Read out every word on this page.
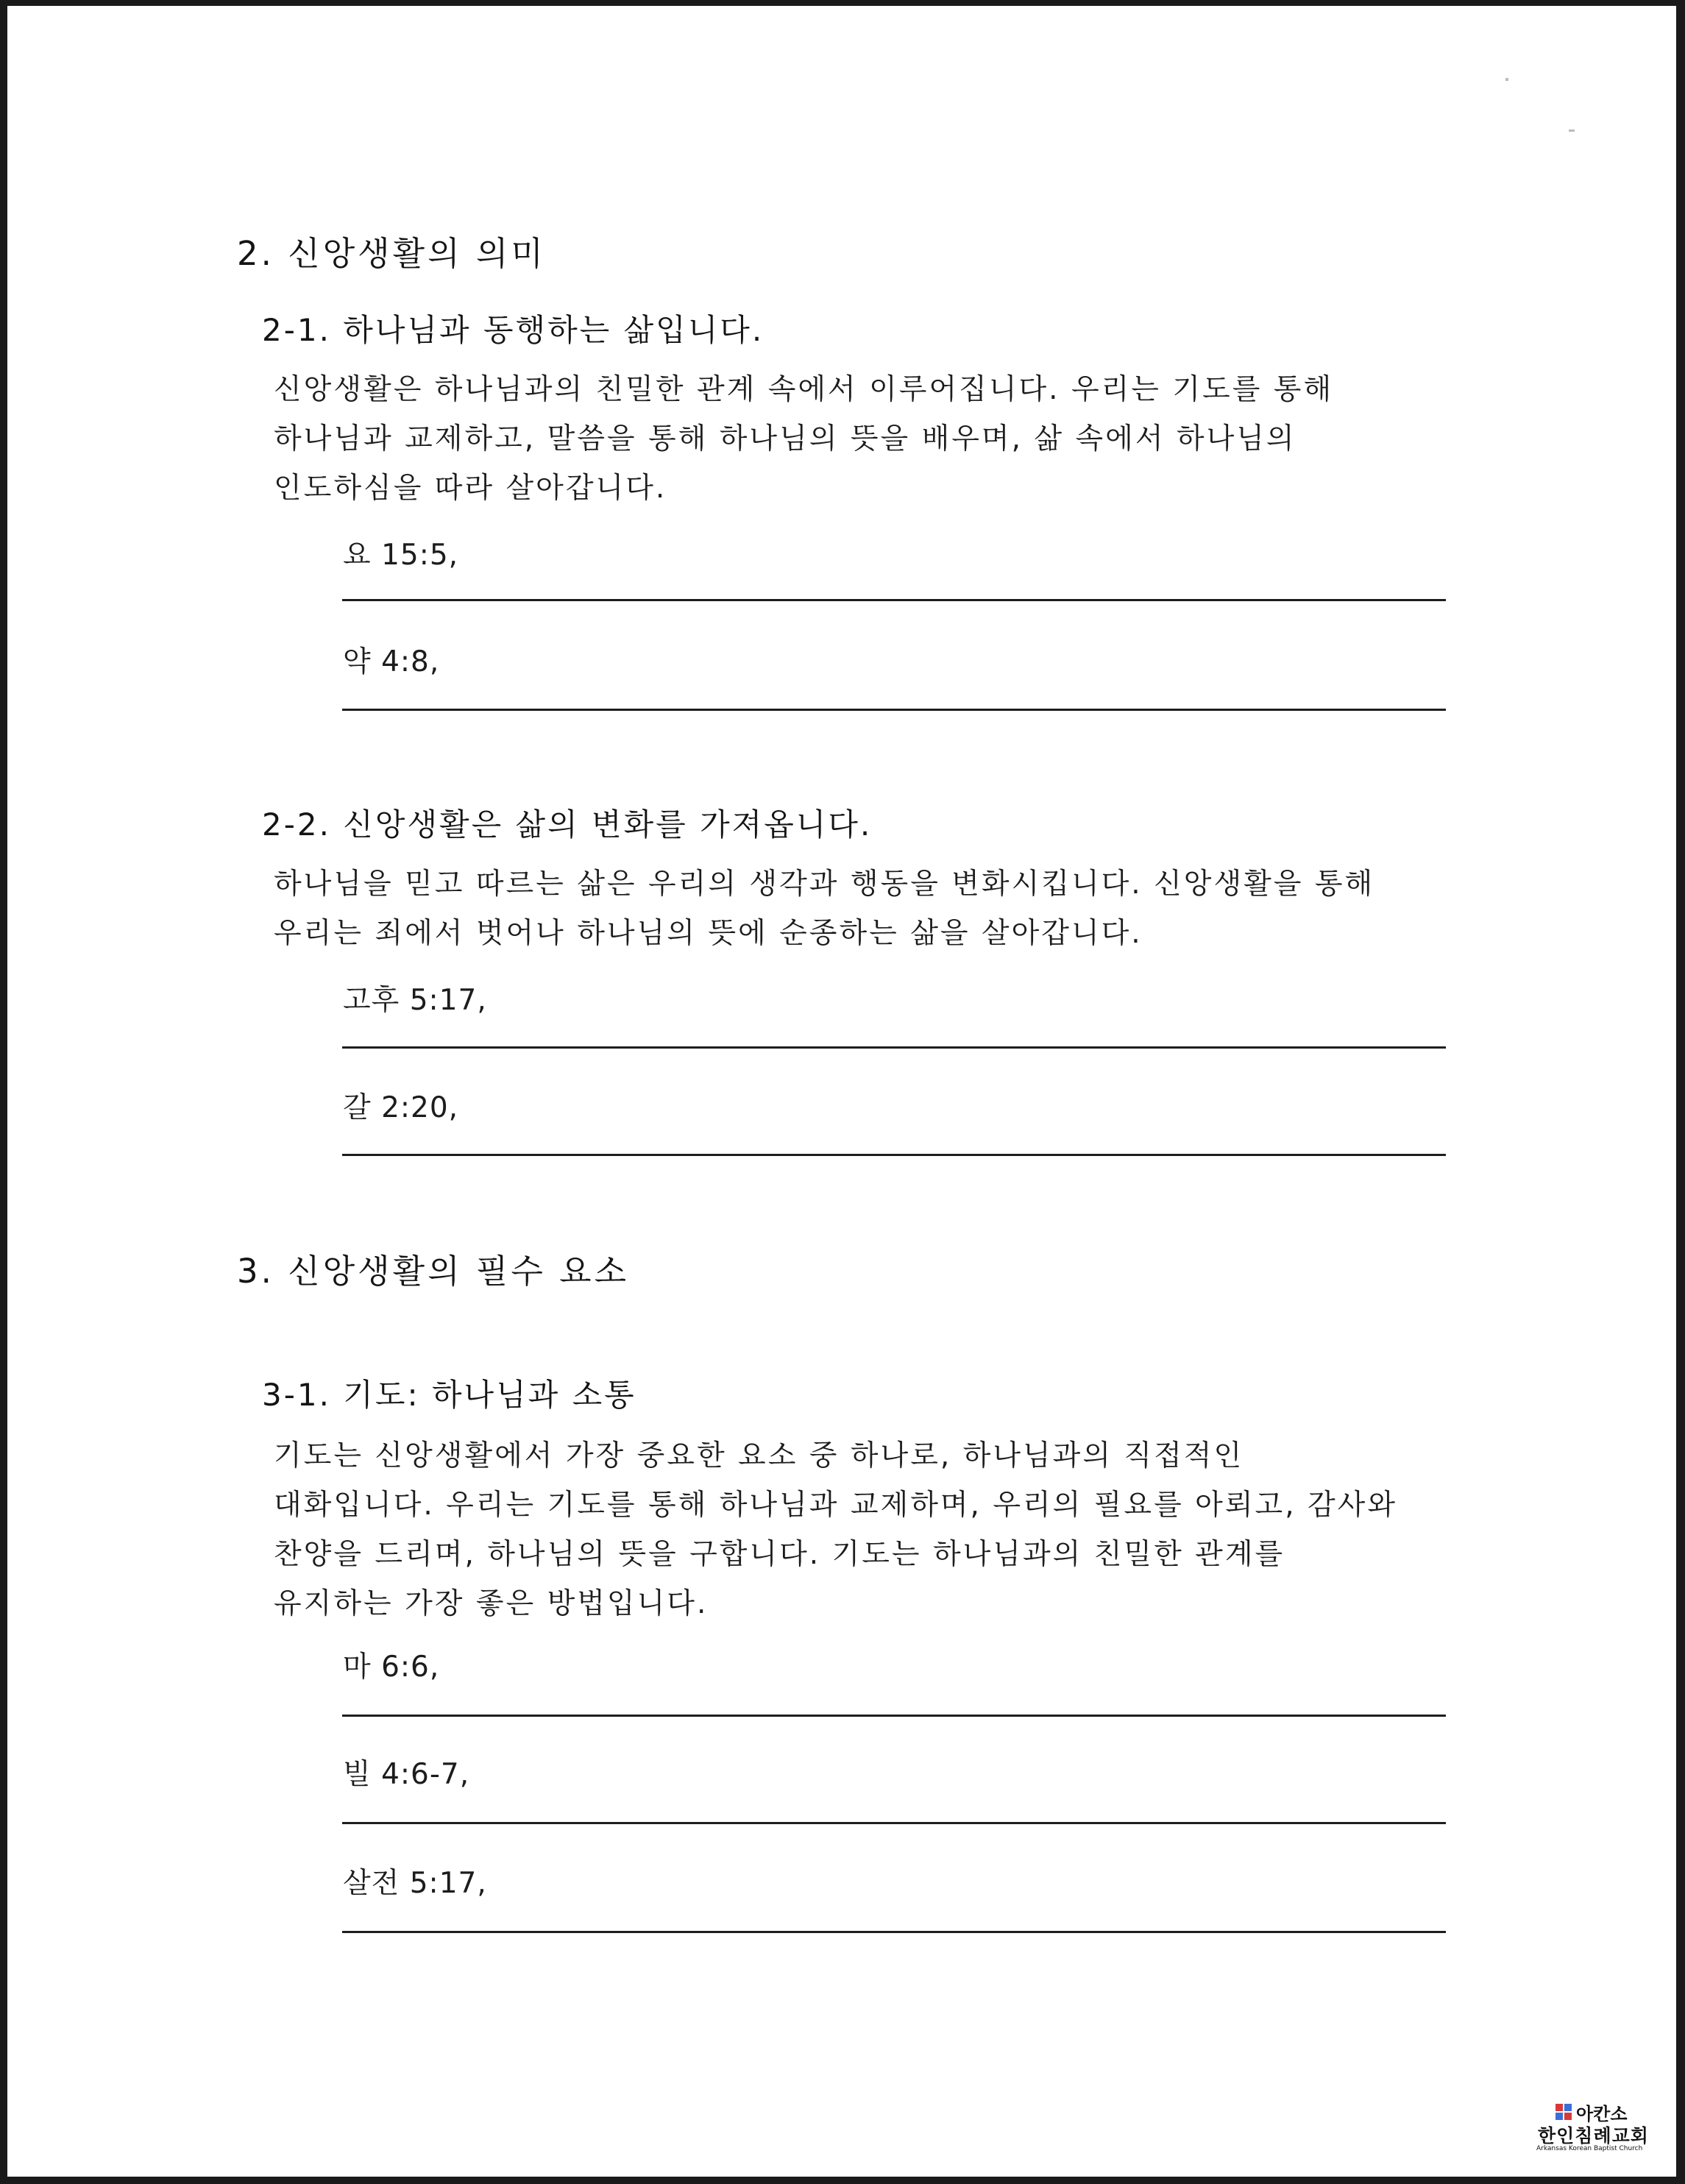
2. 신앙생활의 의미
2-1. 하나님과 동행하는 삶입니다.

신앙생활은 하나님과의 친밀한 관계 속에서 이루어집니다. 우리는 기도를 통해

하나님과 교제하고, 말씀을 통해 하나님의 뜻을 배우며, 삶 속에서 하나님의

인도하심을 따라 살아갑니다.

요 15:5,
약 4:8,
2-2. 신앙생활은 삶의 변화를 가져옵니다.

하나님을 믿고 따르는 삶은 우리의 생각과 행동을 변화시킵니다. 신앙생활을 통해

우리는 죄에서 벗어나 하나님의 뜻에 순종하는 삶을 살아갑니다.

고후 5:17,
갈 2:20,
3. 신앙생활의 필수 요소
3-1. 기도: 하나님과 소통

기도는 신앙생활에서 가장 중요한 요소 중 하나로, 하나님과의 직접적인

대화입니다. 우리는 기도를 통해 하나님과 교제하며, 우리의 필요를 아뢰고, 감사와

찬양을 드리며, 하나님의 뜻을 구합니다. 기도는 하나님과의 친밀한 관계를

유지하는 가장 좋은 방법입니다.

마 6:6,
빌 4:6-7,
살전 5:17,
아칸소
한인침례교회
Arkansas Korean Baptist Church
